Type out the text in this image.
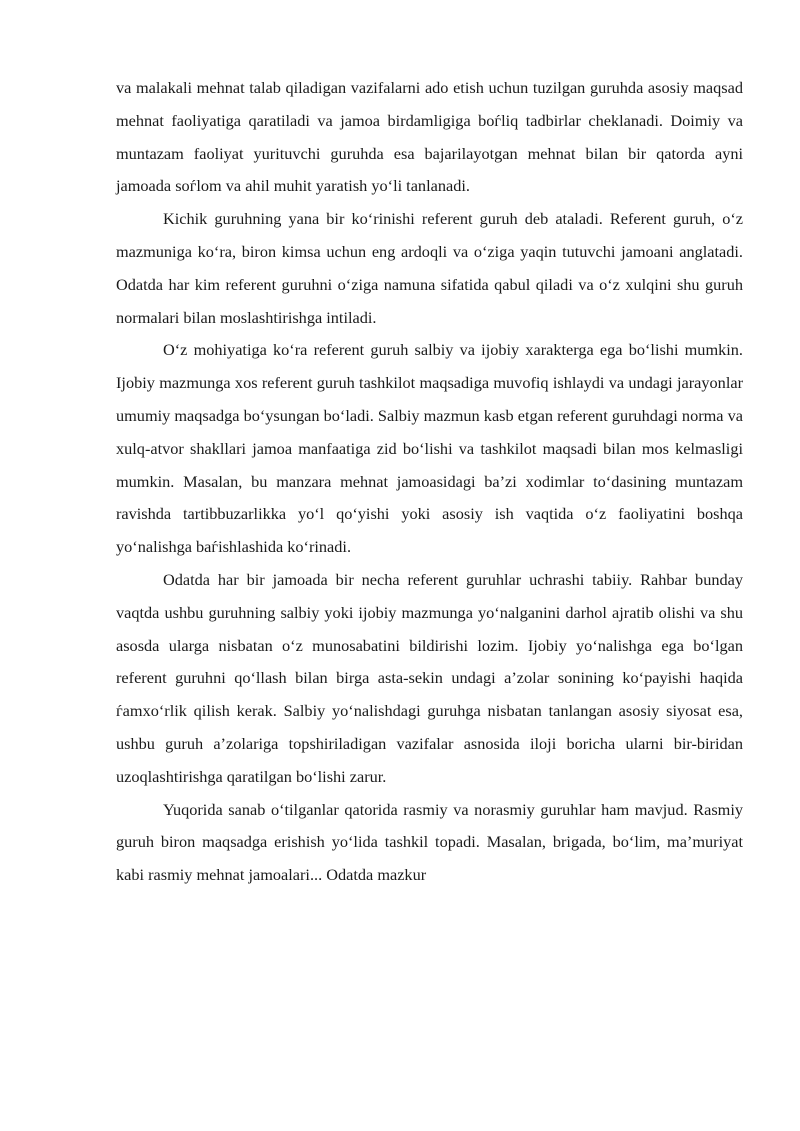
va malakali mehnat talab qiladigan vazifalarni ado etish uchun tuzilgan guruhda asosiy maqsad mehnat faoliyatiga qaratiladi va jamoa birdamligiga boѓliq tadbirlar cheklanadi. Doimiy va muntazam faoliyat yurituvchi guruhda esa bajarilayotgan mehnat bilan bir qatorda ayni jamoada soѓlom va ahil muhit yaratish yo‘li tanlanadi.

Kichik guruhning yana bir ko‘rinishi referent guruh deb ataladi. Referent guruh, o‘z mazmuniga ko‘ra, biron kimsa uchun eng ardoqli va o‘ziga yaqin tutuvchi jamoani anglatadi. Odatda har kim referent guruhni o‘ziga namuna sifatida qabul qiladi va o‘z xulqini shu guruh normalari bilan moslashtirishga intiladi.

O‘z mohiyatiga ko‘ra referent guruh salbiy va ijobiy xarakterga ega bo‘lishi mumkin. Ijobiy mazmunga xos referent guruh tashkilot maqsadiga muvofiq ishlaydi va undagi jarayonlar umumiy maqsadga bo‘ysungan bo‘ladi. Salbiy mazmun kasb etgan referent guruhdagi norma va xulq-atvor shakllari jamoa manfaatiga zid bo‘lishi va tashkilot maqsadi bilan mos kelmasligi mumkin. Masalan, bu manzara mehnat jamoasidagi ba’zi xodimlar to‘dasining muntazam ravishda tartibbuzarlikka yo‘l qo‘yishi yoki asosiy ish vaqtida o‘z faoliyatini boshqa yo‘nalishga baѓishlashida ko‘rinadi.

Odatda har bir jamoada bir necha referent guruhlar uchrashi tabiiy. Rahbar bunday vaqtda ushbu guruhning salbiy yoki ijobiy mazmunga yo‘nalganini darhol ajratib olishi va shu asosda ularga nisbatan o‘z munosabatini bildirishi lozim. Ijobiy yo‘nalishga ega bo‘lgan referent guruhni qo‘llash bilan birga asta-sekin undagi a’zolar sonining ko‘payishi haqida ѓamxo‘rlik qilish kerak. Salbiy yo‘nalishdagi guruhga nisbatan tanlangan asosiy siyosat esa, ushbu guruh a’zolariga topshiriladigan vazifalar asnosida iloji boricha ularni bir-biridan uzoqlashtirishga qaratilgan bo‘lishi zarur.

Yuqorida sanab o‘tilganlar qatorida rasmiy va norasmiy guruhlar ham mavjud. Rasmiy guruh biron maqsadga erishish yo‘lida tashkil topadi. Masalan, brigada, bo‘lim, ma’muriyat kabi rasmiy mehnat jamoalari... Odatda mazkur
